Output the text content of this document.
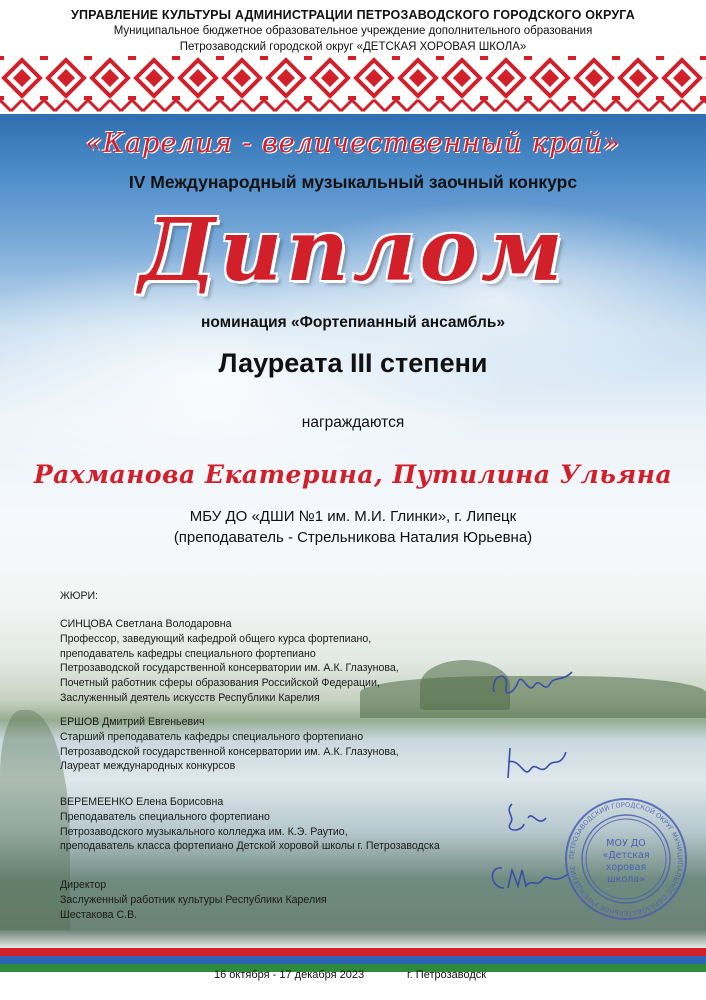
УПРАВЛЕНИЕ КУЛЬТУРЫ АДМИНИСТРАЦИИ ПЕТРОЗАВОДСКОГО ГОРОДСКОГО ОКРУГА
Муниципальное бюджетное образовательное учреждение дополнительного образования
Петрозаводский городской округ «ДЕТСКАЯ ХОРОВАЯ ШКОЛА»
«Карелия - величественный край»
IV Международный музыкальный заочный конкурс
Диплом
номинация «Фортепианный ансамбль»
Лауреата III степени
награждаются
Рахманова Екатерина, Путилина Ульяна
МБУ ДО «ДШИ №1 им. М.И. Глинки», г. Липецк
(преподаватель - Стрельникова Наталия Юрьевна)
ЖЮРИ:
СИНЦОВА Светлана Володаровна
Профессор, заведующий кафедрой общего курса фортепиано,
преподаватель кафедры специального фортепиано
Петрозаводской государственной консерватории им. А.К. Глазунова,
Почетный работник сферы образования Российской Федерации,
Заслуженный деятель искусств Республики Карелия
ЕРШОВ Дмитрий Евгеньевич
Старший преподаватель кафедры специального фортепиано
Петрозаводской государственной консерватории им. А.К. Глазунова,
Лауреат международных конкурсов
ВЕРЕМЕЕНКО Елена Борисовна
Преподаватель специального фортепиано
Петрозаводского музыкального колледжа им. К.Э. Раутио,
преподаватель класса фортепиано Детской хоровой школы г. Петрозаводска
Директор
Заслуженный работник культуры Республики Карелия
Шестакова С.В.
ПЕТРОЗАВОДСКИЙ ГОРОДСКОЙ ОКРУГ МУНИЦИПАЛЬНОЕ ОБРАЗОВАТЕЛЬНОЕ УЧРЕЖДЕНИЕ
МОУ ДО
«Детская
хоровая
школа»
16 октября - 17 декабря 2023	г. Петрозаводск
